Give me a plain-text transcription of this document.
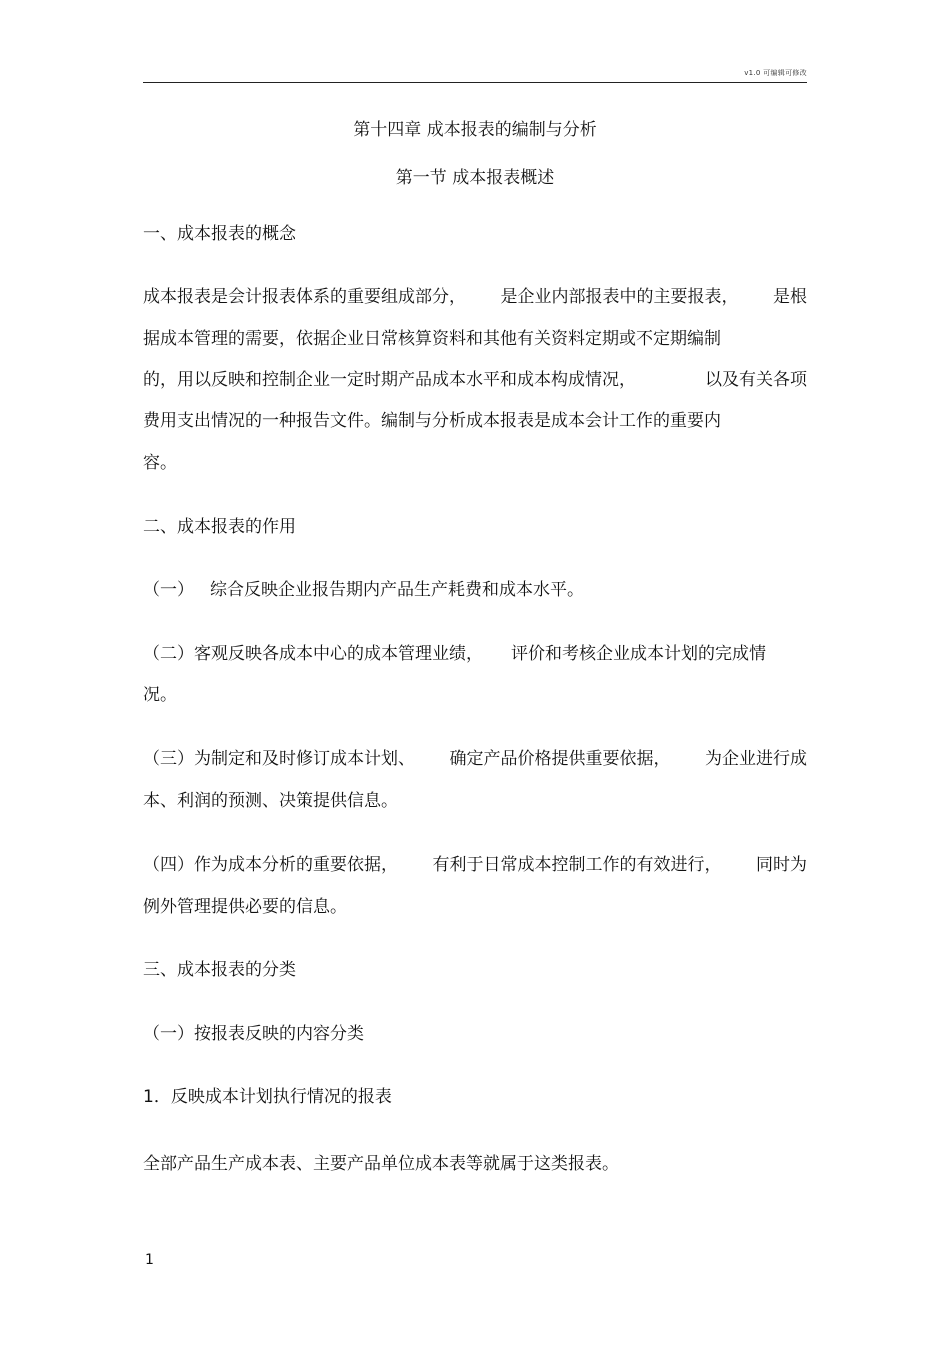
v1.0 可编辑可修改
第十四章 成本报表的编制与分析
第一节 成本报表概述
一、成本报表的概念
成本报表是会计报表体系的重要组成部分， 是企业内部报表中的主要报表， 是根
据成本管理的需要，依据企业日常核算资料和其他有关资料定期或不定期编制
的，用以反映和控制企业一定时期产品成本水平和成本构成情况，	以及有关各项
费用支出情况的一种报告文件。编制与分析成本报表是成本会计工作的重要内
容。
二、成本报表的作用
（一） 综合反映企业报告期内产品生产耗费和成本水平。
（二）客观反映各成本中心的成本管理业绩， 评价和考核企业成本计划的完成情
况。
（三）为制定和及时修订成本计划、 确定产品价格提供重要依据， 为企业进行成
本、利润的预测、决策提供信息。
（四）作为成本分析的重要依据， 有利于日常成本控制工作的有效进行， 同时为
例外管理提供必要的信息。
三、成本报表的分类
（一）按报表反映的内容分类
1．反映成本计划执行情况的报表
全部产品生产成本表、主要产品单位成本表等就属于这类报表。
1
